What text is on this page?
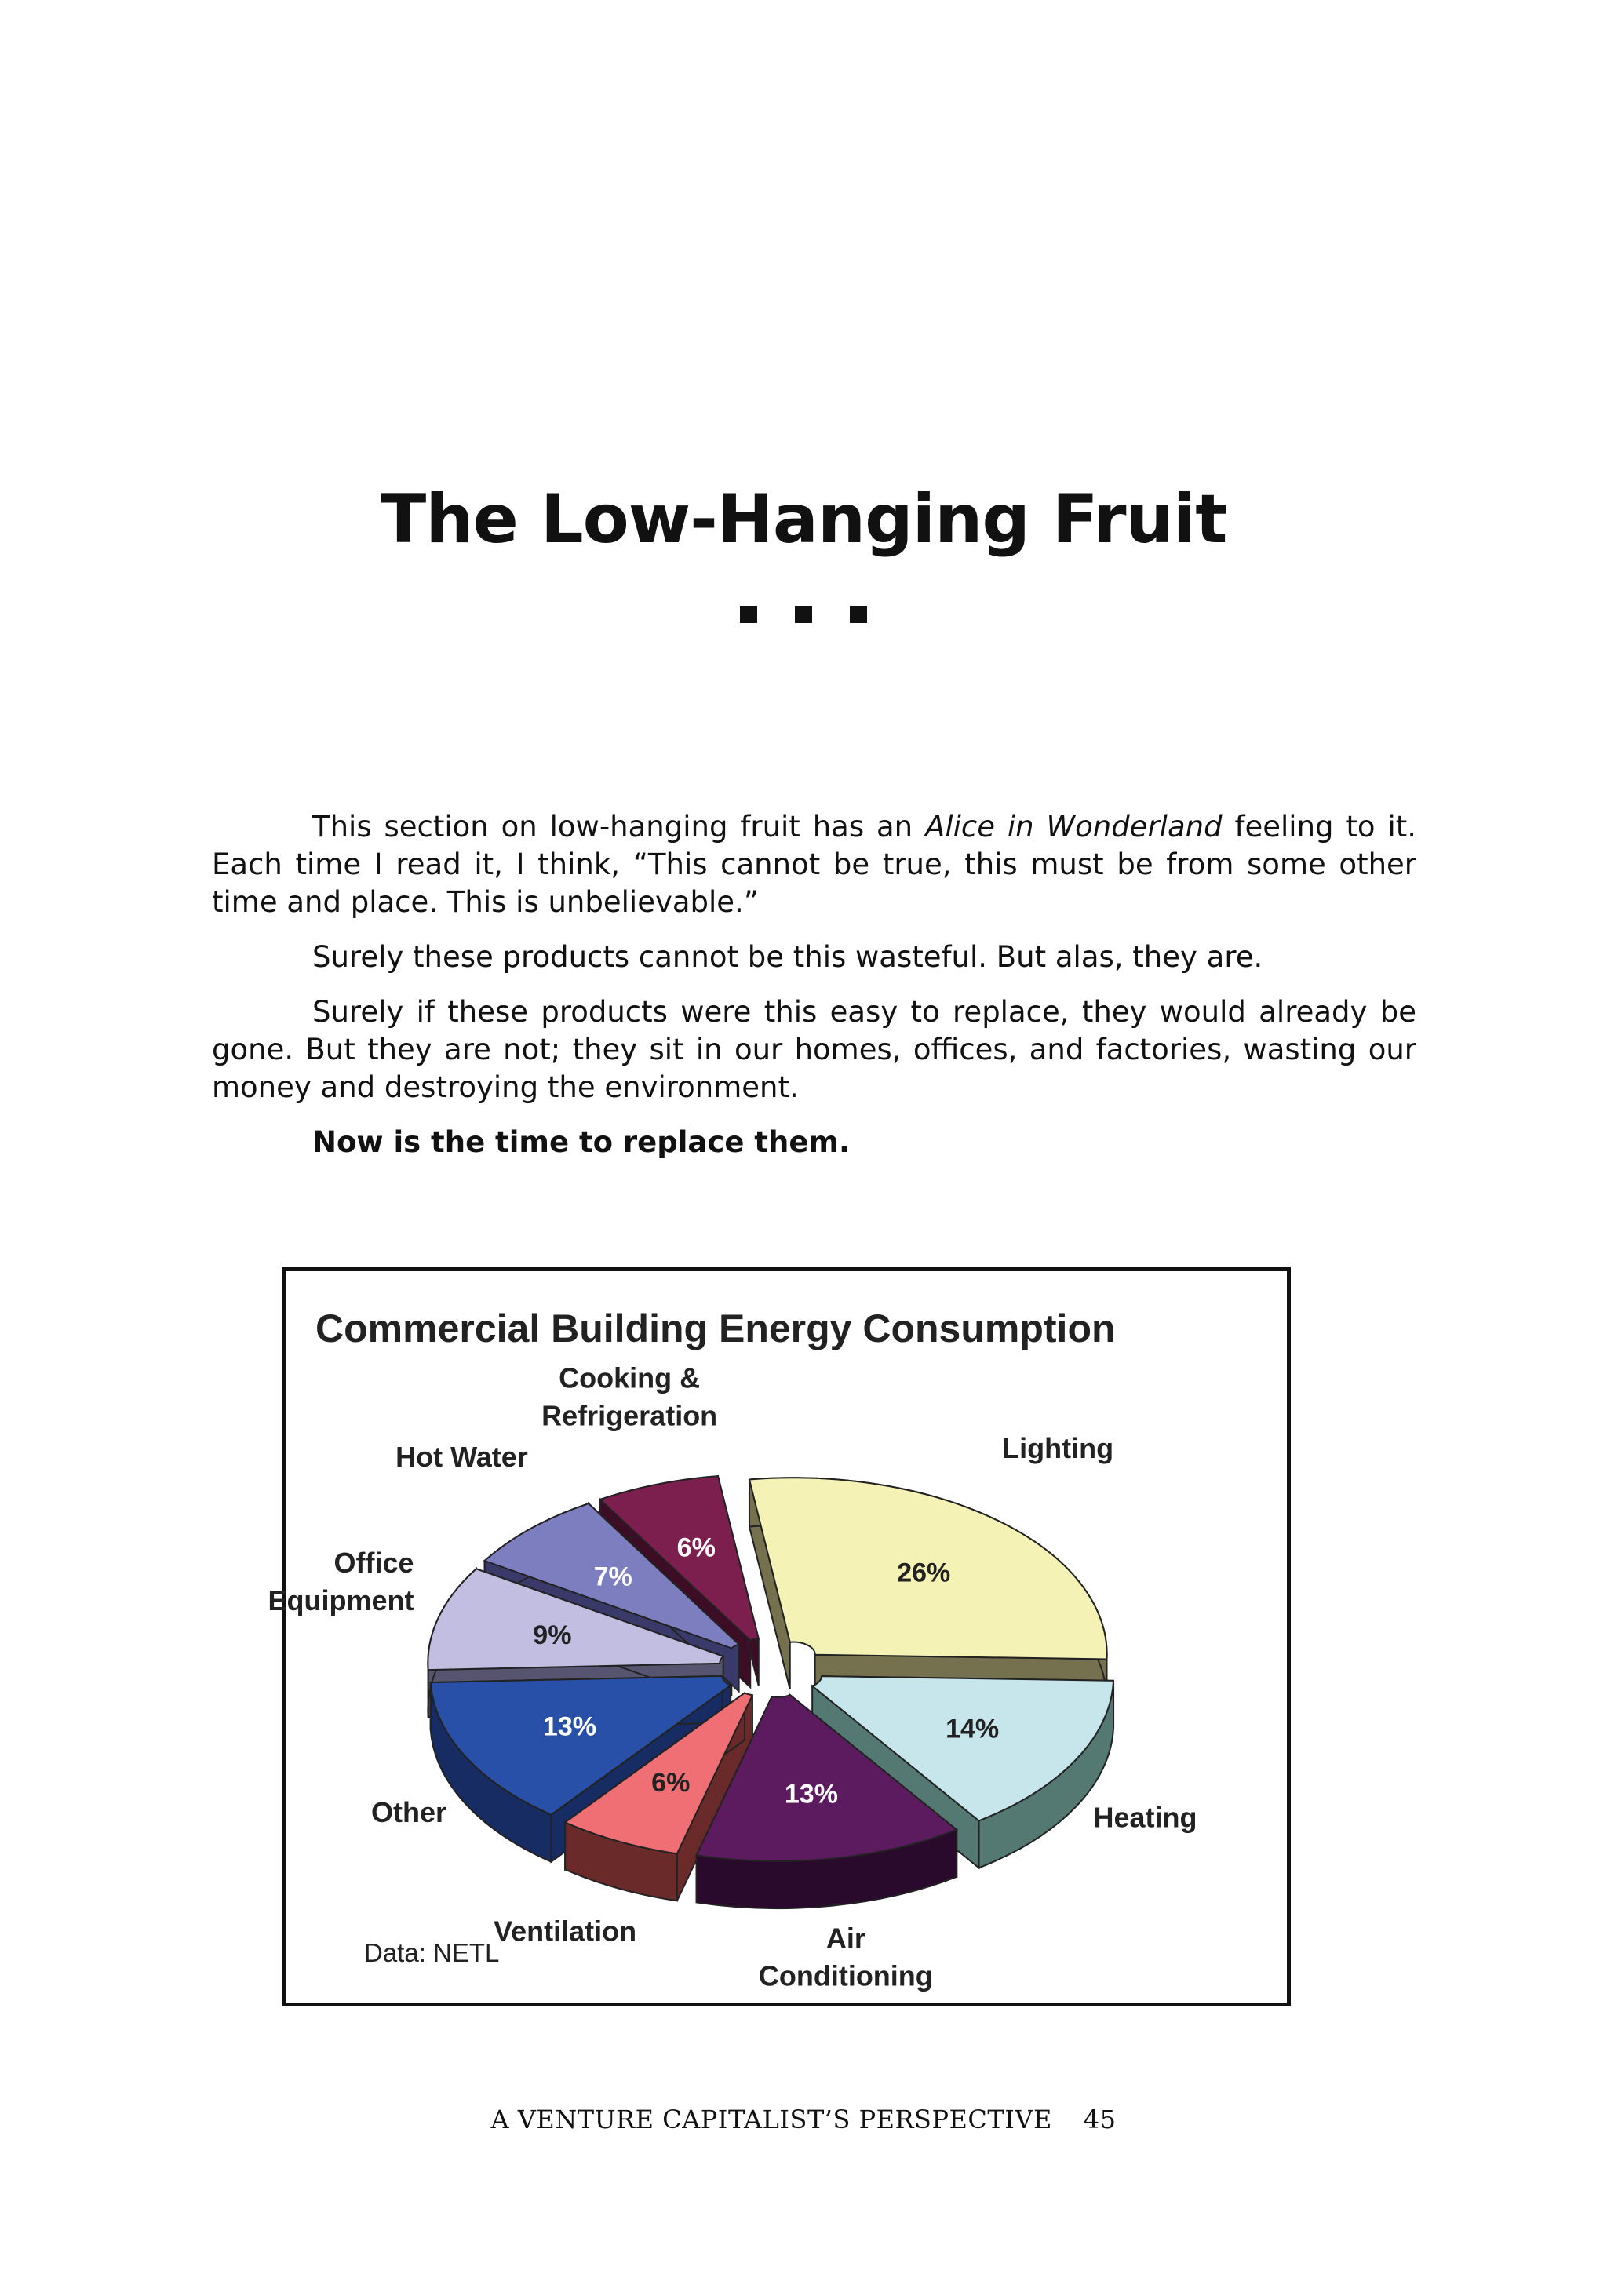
The Low-Hanging Fruit

This section on low-hanging fruit has an Alice in Wonderland feeling to it. Each time I read it, I think, “This cannot be true, this must be from some other time and place. This is unbelievable.”

Surely these products cannot be this wasteful. But alas, they are.

Surely if these products were this easy to replace, they would already be gone. But they are not; they sit in our homes, offices, and factories, wasting our money and destroying the environment.

Now is the time to replace them.

Commercial Building Energy Consumption
6%
26%
7%
9%
13%	14%
6%	13%
Lighting
Heating
Air Conditioning
Ventilation
Other
Office Equipment
Hot Water
Cooking & Refrigeration
Data: NETL
A VENTURE CAPITALIST’S PERSPECTIVE 45
